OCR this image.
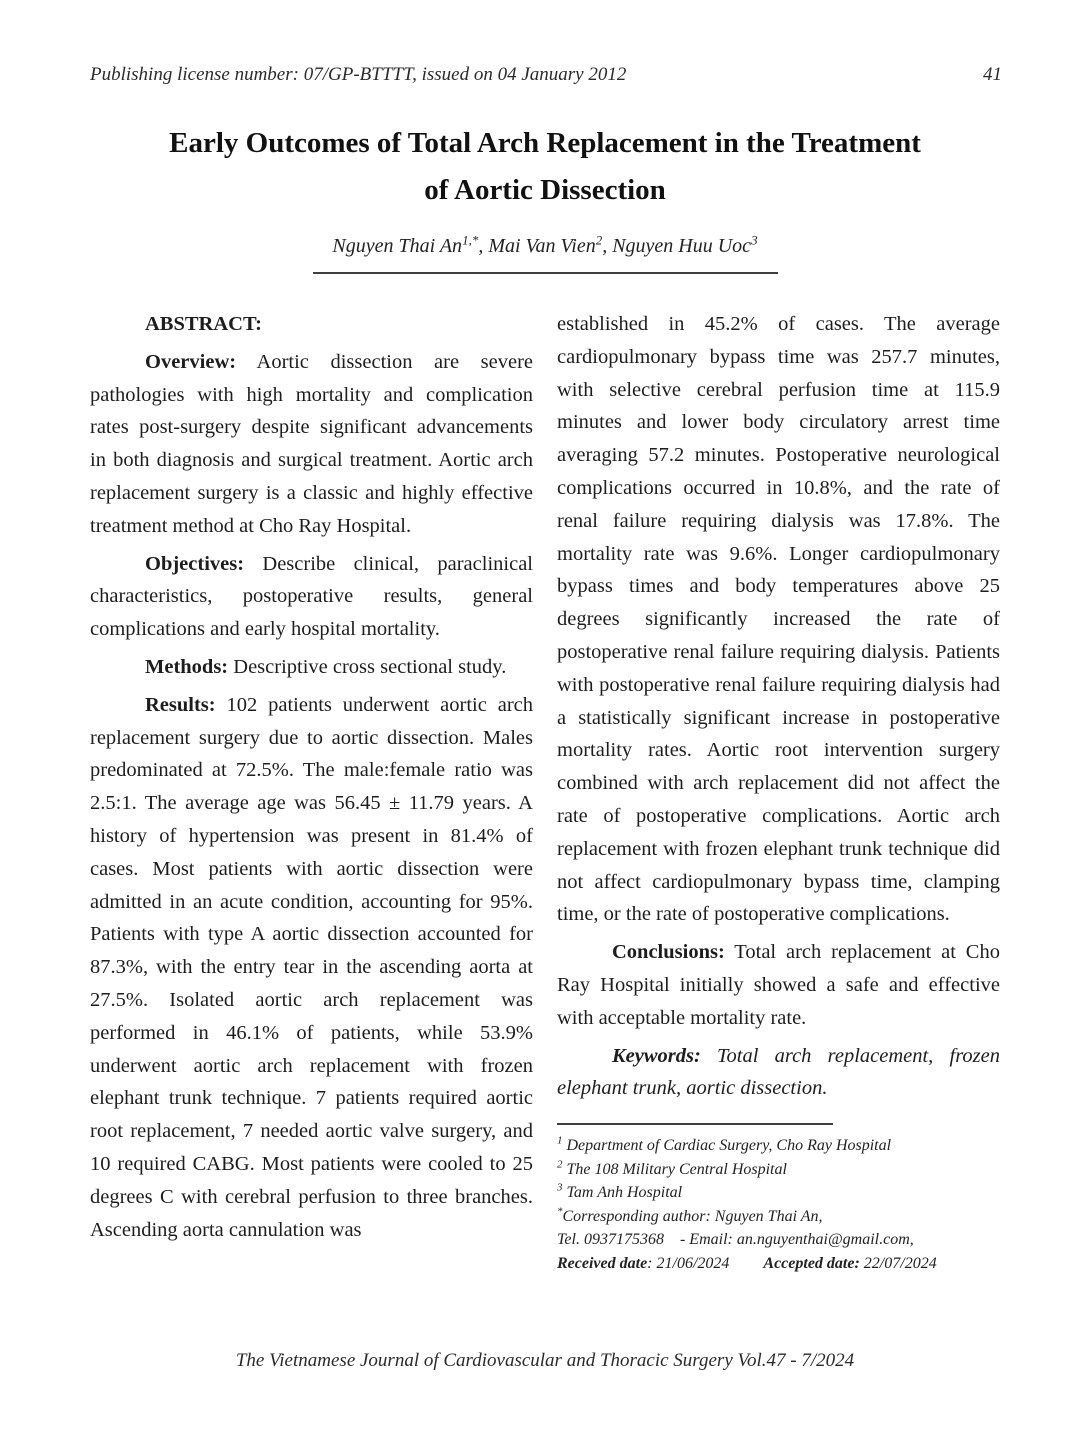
Publishing license number: 07/GP-BTTTT, issued on 04 January 2012	41
Early Outcomes of Total Arch Replacement in the Treatment
of Aortic Dissection
Nguyen Thai $An^{1,*}$, Mai Van Vien$^2$, Nguyen Huu Uoc$^3$

ABSTRACT:

Overview: Aortic dissection are severe pathologies with high mortality and complication rates post-surgery despite significant advancements in both diagnosis and surgical treatment. Aortic arch replacement surgery is a classic and highly effective treatment method at Cho Ray Hospital.

Objectives: Describe clinical, paraclinical characteristics, postoperative results, general complications and early hospital mortality.

Methods: Descriptive cross sectional study.

Results: 102 patients underwent aortic arch replacement surgery due to aortic dissection. Males predominated at 72.5%. The male:female ratio was 2.5:1. The average age was 56.45 ± 11.79 years. A history of hypertension was present in 81.4% of cases. Most patients with aortic dissection were admitted in an acute condition, accounting for 95%. Patients with type A aortic dissection accounted for 87.3%, with the entry tear in the ascending aorta at 27.5%. Isolated aortic arch replacement was performed in 46.1% of patients, while 53.9% underwent aortic arch replacement with frozen elephant trunk technique. 7 patients required aortic root replacement, 7 needed aortic valve surgery, and 10 required CABG. Most patients were cooled to 25 degrees C with cerebral perfusion to three branches. Ascending aorta cannulation was

established in 45.2% of cases. The average cardiopulmonary bypass time was 257.7 minutes, with selective cerebral perfusion time at 115.9 minutes and lower body circulatory arrest time averaging 57.2 minutes. Postoperative neurological complications occurred in 10.8%, and the rate of renal failure requiring dialysis was 17.8%. The mortality rate was 9.6%. Longer cardiopulmonary bypass times and body temperatures above 25 degrees significantly increased the rate of postoperative renal failure requiring dialysis. Patients with postoperative renal failure requiring dialysis had a statistically significant increase in postoperative mortality rates. Aortic root intervention surgery combined with arch replacement did not affect the rate of postoperative complications. Aortic arch replacement with frozen elephant trunk technique did not affect cardiopulmonary bypass time, clamping time, or the rate of postoperative complications.

Conclusions: Total arch replacement at Cho Ray Hospital initially showed a safe and effective with acceptable mortality rate.

Keywords: Total arch replacement, frozen elephant trunk, aortic dissection.

$^1$ Department of Cardiac Surgery, Cho Ray Hospital
$^2$ The 108 Military Central Hospital
$^3$ Tam Anh Hospital
*Corresponding author: Nguyen Thai An,
Tel. 0937175368    - Email: an.nguyenthai@gmail.com,
Received date: 21/06/2024 Accepted date: 22/07/2024
The Vietnamese Journal of Cardiovascular and Thoracic Surgery Vol.47 - 7/2024
